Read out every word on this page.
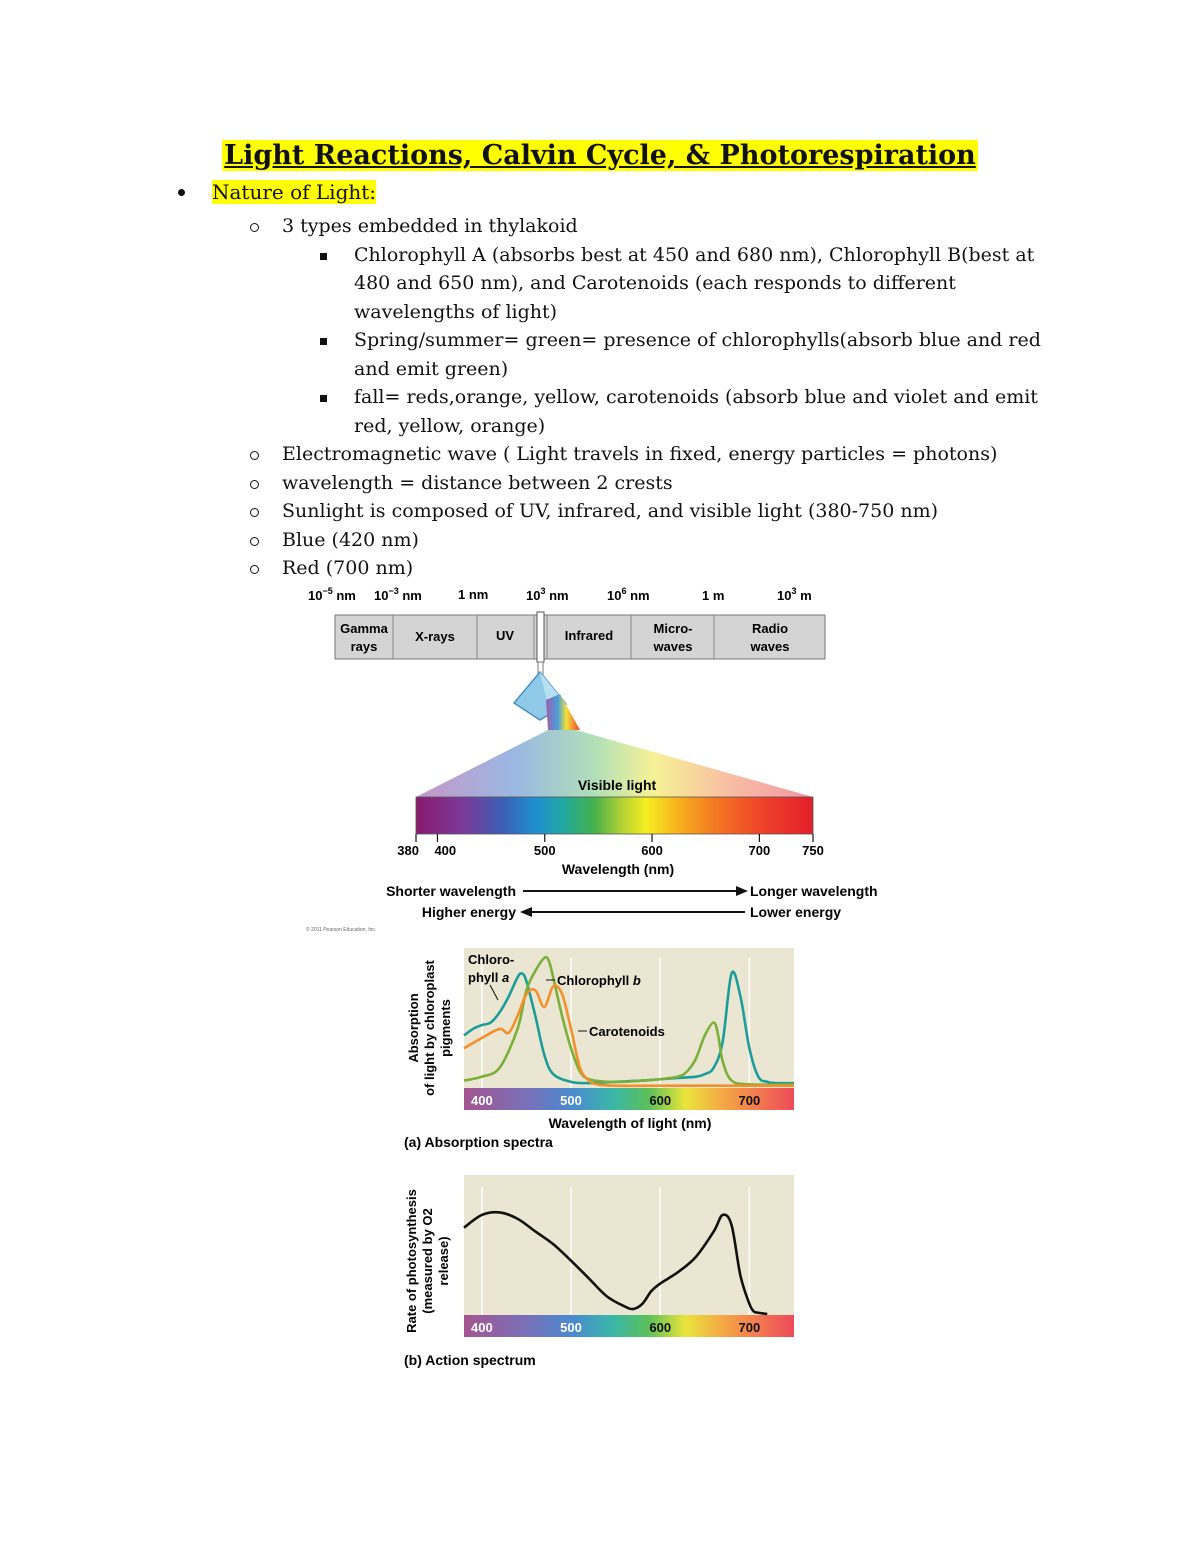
Light Reactions, Calvin Cycle, & Photorespiration
Nature of Light:
3 types embedded in thylakoid
Chlorophyll A (absorbs best at 450 and 680 nm), Chlorophyll B(best at 480 and 650 nm), and Carotenoids (each responds to different wavelengths of light)
Spring/summer= green= presence of chlorophylls(absorb blue and red and emit green)
fall= reds,orange, yellow, carotenoids (absorb blue and violet and emit red, yellow, orange)
Electromagnetic wave ( Light travels in fixed, energy particles = photons)
wavelength = distance between 2 crests
Sunlight is composed of UV, infrared, and visible light (380-750 nm)
Blue (420 nm)
Red (700 nm)
$10^{-5}$ nm $10^{-3}$ nm	1 nm	$10^3$ nm	$10^6$ nm	1 m	$10^3$ m
Gamma
rays
X-rays	UV	Infrared	Micro-
waves
Radio
waves
Visible light
380 400	500	600	700 750
Wavelength (nm)
Shorter wavelength	Longer wavelength
Higher energy	Lower energy
© 2011 Pearson Education, Inc.
400	500	600	700
Chloro-
phyll a	Chlorophyll b
Carotenoids
Absorption of light by chloroplast pigments
Wavelength of light (nm)
(a) Absorption spectra
400	500	600	700
Rate of photosynthesis (measured by O2 release)
(b) Action spectrum
